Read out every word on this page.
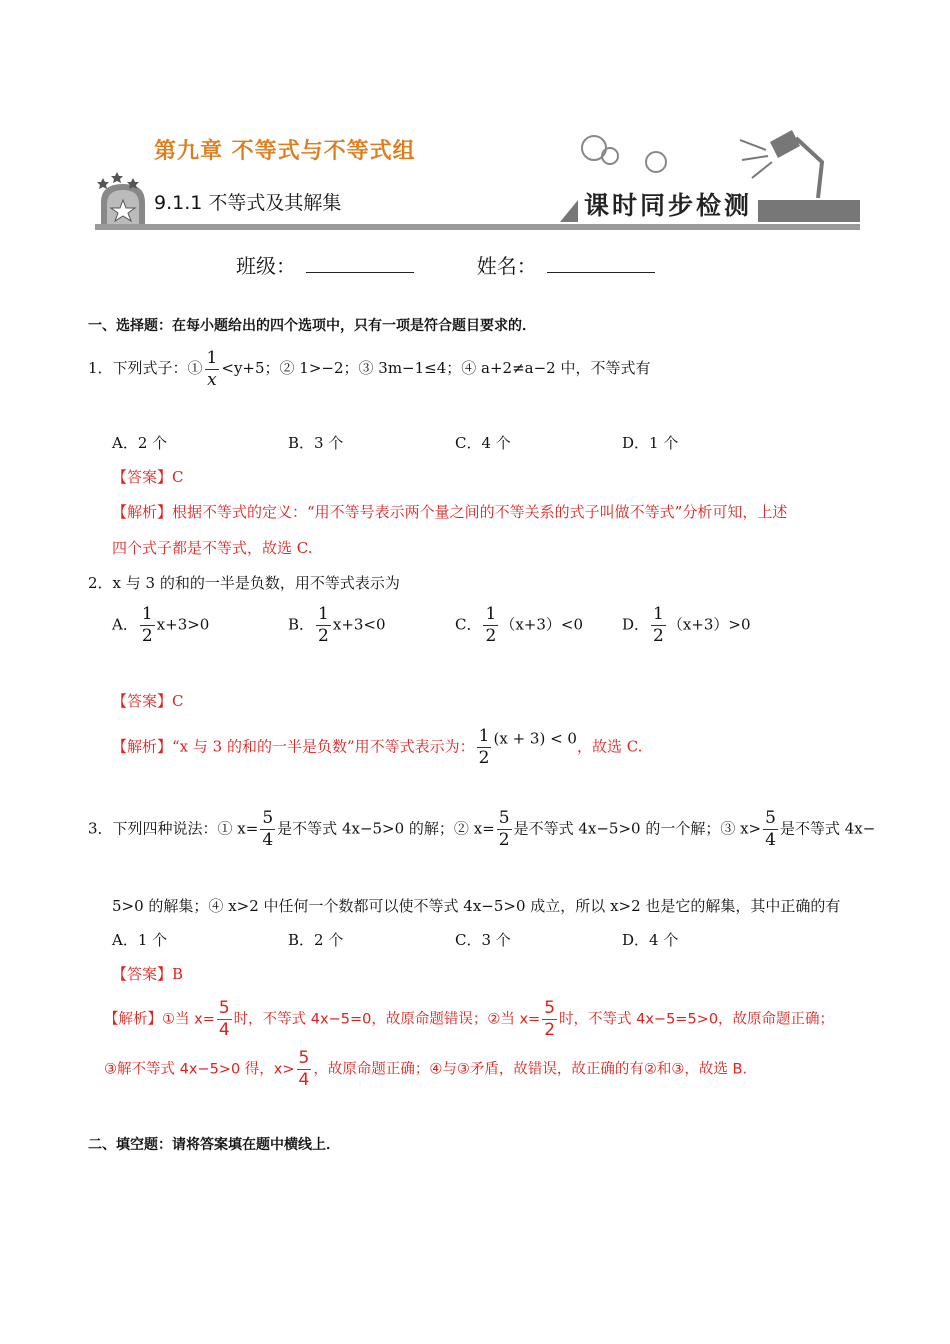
第九章 不等式与不等式组
9.1.1 不等式及其解集	课时同步检测
班级：	姓名：
一、选择题：在每小题给出的四个选项中，只有一项是符合题目要求的．
1．下列式子：① $\frac{1}{x} <y+5$；② 1>−2；③ 3m−1≤4；④ a+2≠a−2 中，不等式有
A．2 个	B．3 个	C．4 个	D．1 个
【答案】C
【解析】根据不等式的定义：“用不等号表示两个量之间的不等关系的式子叫做不等式”分析可知，上述
四个式子都是不等式，故选 C.
2．x 与 3 的和的一半是负数，用不等式表示为
A． $\frac{1}{2} x+3>0$	B． $\frac{1}{2} x+3<0$	C． $\frac{1}{2} (x+3)<0$	D． $\frac{1}{2} (x+3)>0$
【答案】C
【解析】“x 与 3 的和的一半是负数”用不等式表示为： $\frac{1}{2} (x + 3) < 0$，故选 C.
3．下列四种说法：① $x= \frac{5}{4}$ 是不等式 4x−5>0 的解；② $x= \frac{5}{2}$ 是不等式 4x−5>0 的一个解；③ $x> \frac{5}{4}$ 是不等式 4x−
5>0 的解集；④ x>2 中任何一个数都可以使不等式 4x−5>0 成立，所以 x>2 也是它的解集，其中正确的有
A．1 个	B．2 个	C．3 个	D．4 个
【答案】B
【解析】①当 $x= \frac{5}{4}$ 时，不等式 4x−5=0，故原命题错误；②当 $x= \frac{5}{2}$ 时，不等式 4x−5=5>0，故原命题正确；
③解不等式 4x−5>0 得，$x> \frac{5}{4}$ ，故原命题正确；④与③矛盾，故错误，故正确的有②和③，故选 B.
二、填空题：请将答案填在题中横线上．
